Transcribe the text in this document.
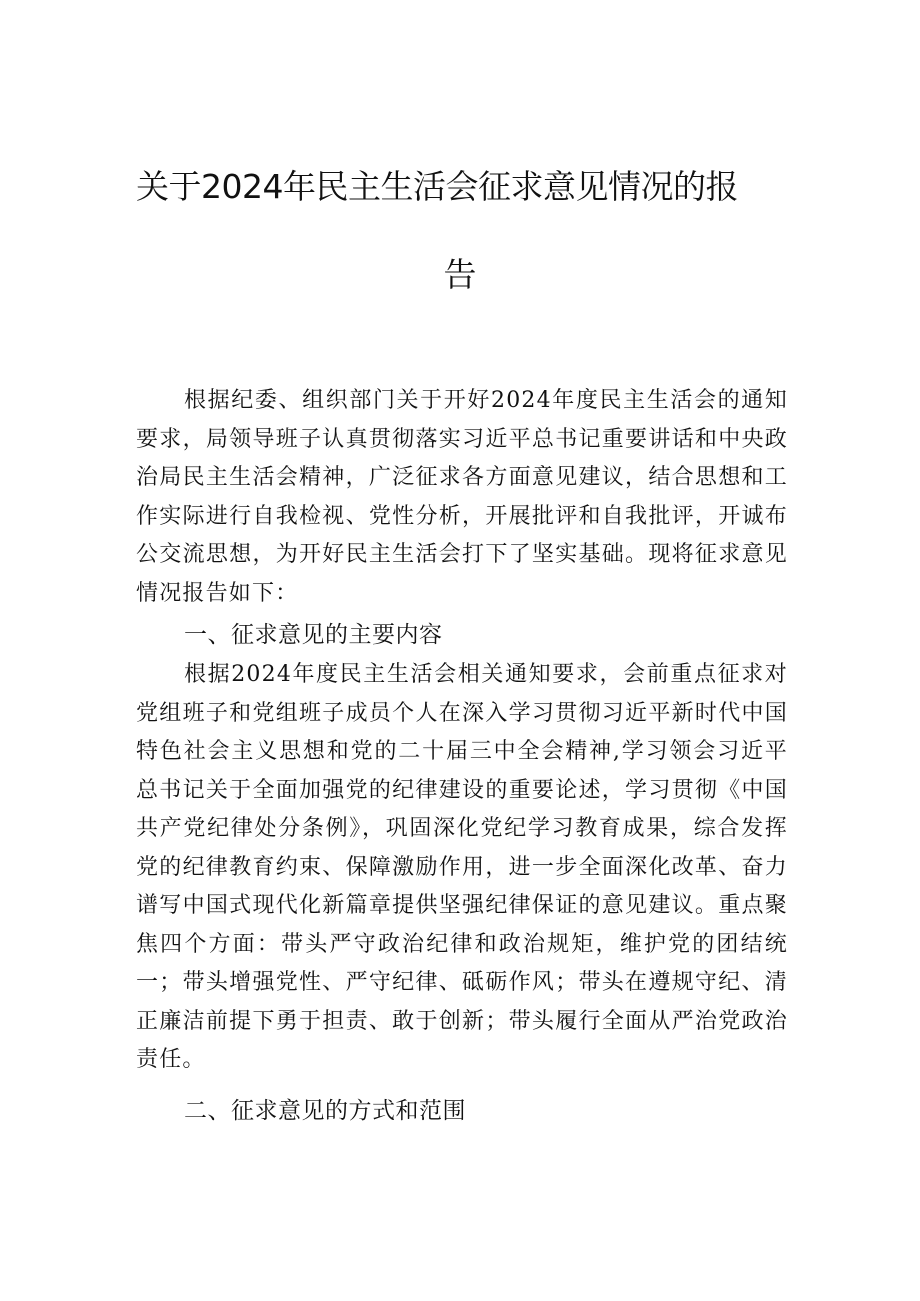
关于2024年民主生活会征求意见情况的报
告

根据纪委、组织部门关于开好2024年度民主生活会的通知要求，局领导班子认真贯彻落实习近平总书记重要讲话和中央政治局民主生活会精神，广泛征求各方面意见建议，结合思想和工作实际进行自我检视、党性分析，开展批评和自我批评，开诚布公交流思想，为开好民主生活会打下了坚实基础。现将征求意见情况报告如下：

一、征求意见的主要内容

根据2024年度民主生活会相关通知要求，会前重点征求对党组班子和党组班子成员个人在深入学习贯彻习近平新时代中国特色社会主义思想和党的二十届三中全会精神,学习领会习近平总书记关于全面加强党的纪律建设的重要论述，学习贯彻《中国共产党纪律处分条例》，巩固深化党纪学习教育成果，综合发挥党的纪律教育约束、保障激励作用，进一步全面深化改革、奋力谱写中国式现代化新篇章提供坚强纪律保证的意见建议。重点聚焦四个方面：带头严守政治纪律和政治规矩，维护党的团结统一；带头增强党性、严守纪律、砥砺作风；带头在遵规守纪、清正廉洁前提下勇于担责、敢于创新；带头履行全面从严治党政治责任。

二、征求意见的方式和范围
